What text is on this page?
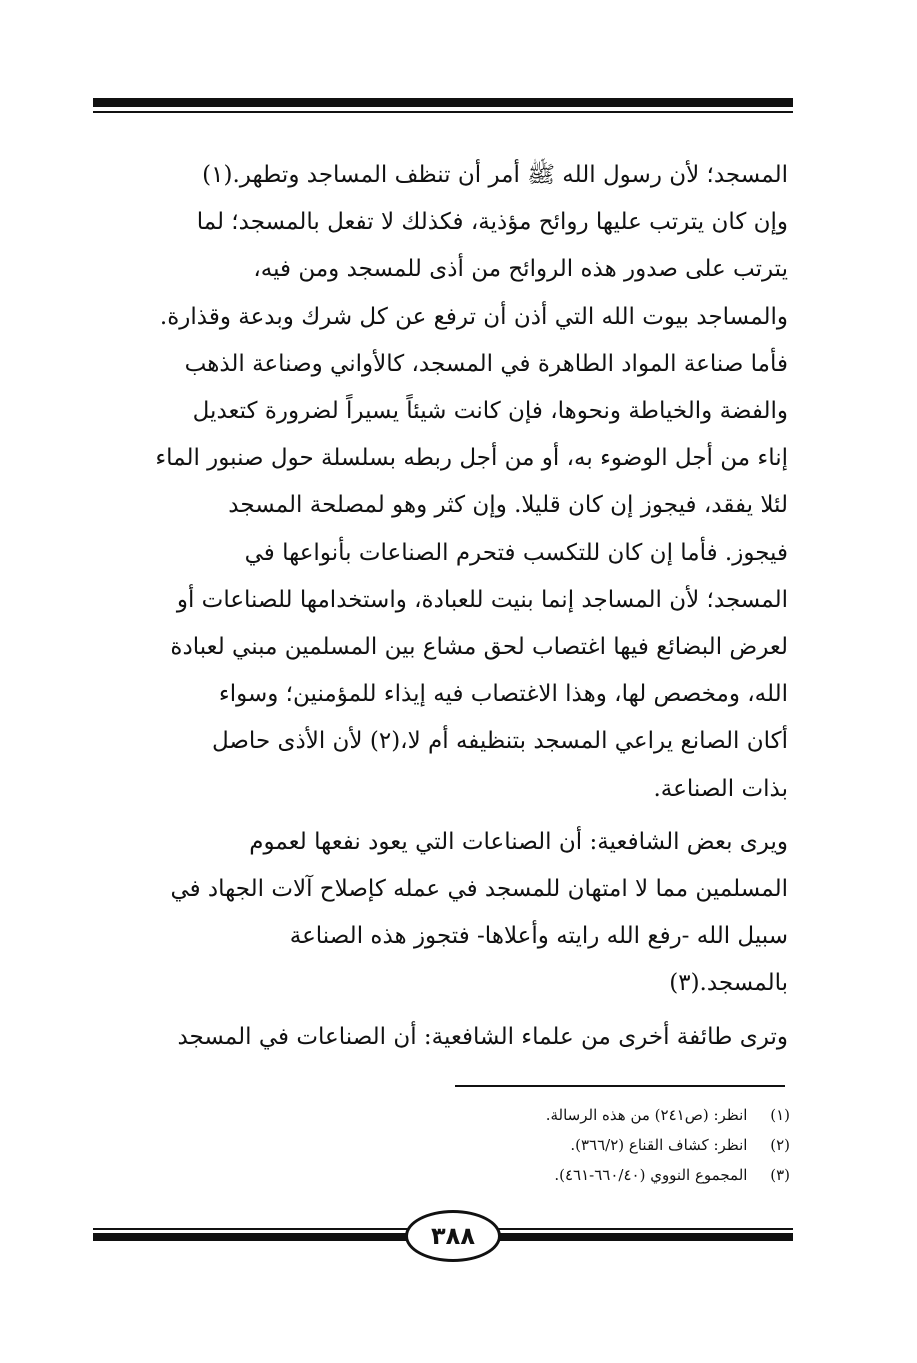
المسجد؛ لأن رسول الله ﷺ أمر أن تنظف المساجد وتطهر.(١)

وإن كان يترتب عليها روائح مؤذية، فكذلك لا تفعل بالمسجد؛ لما

يترتب على صدور هذه الروائح من أذى للمسجد ومن فيه،

والمساجد بيوت الله التي أذن أن ترفع عن كل شرك وبدعة وقذارة.

فأما صناعة المواد الطاهرة في المسجد، كالأواني وصناعة الذهب

والفضة والخياطة ونحوها، فإن كانت شيئاً يسيراً لضرورة كتعديل

إناء من أجل الوضوء به، أو من أجل ربطه بسلسلة حول صنبور الماء

لئلا يفقد، فيجوز إن كان قليلا. وإن كثر وهو لمصلحة المسجد

فيجوز. فأما إن كان للتكسب فتحرم الصناعات بأنواعها في

المسجد؛ لأن المساجد إنما بنيت للعبادة، واستخدامها للصناعات أو

لعرض البضائع فيها اغتصاب لحق مشاع بين المسلمين مبني لعبادة

الله، ومخصص لها، وهذا الاغتصاب فيه إيذاء للمؤمنين؛ وسواء

أكان الصانع يراعي المسجد بتنظيفه أم لا،(٢) لأن الأذى حاصل

بذات الصناعة.

ويرى بعض الشافعية: أن الصناعات التي يعود نفعها لعموم

المسلمين مما لا امتهان للمسجد في عمله كإصلاح آلات الجهاد في

سبيل الله -رفع الله رايته وأعلاها- فتجوز هذه الصناعة

بالمسجد.(٣)

وترى طائفة أخرى من علماء الشافعية: أن الصناعات في المسجد

(١) انظر: (ص٢٤١) من هذه الرسالة.
(٢) انظر: كشاف القناع (٣٦٦/٢).
(٣) المجموع النووي (٦٦٠/٤٠-٤٦١).
٣٨٨
